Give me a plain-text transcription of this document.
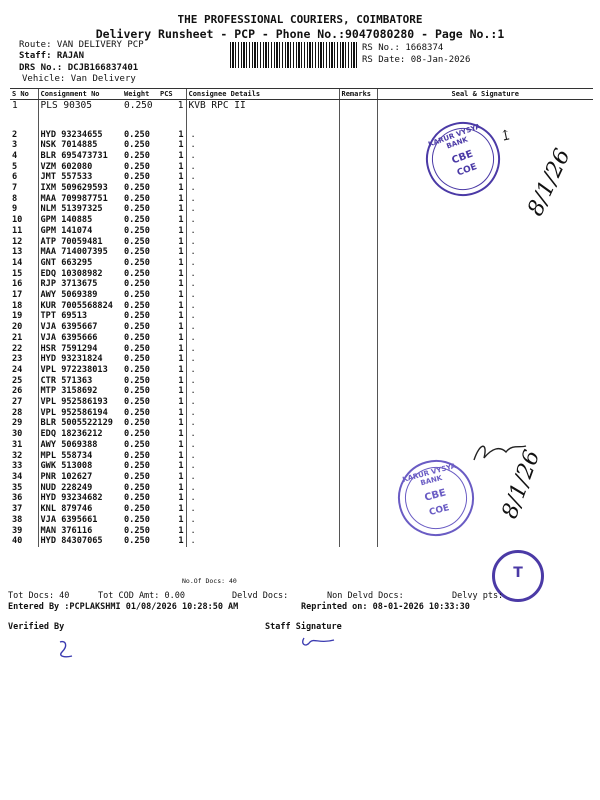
THE PROFESSIONAL COURIERS, COIMBATORE
Delivery Runsheet - PCP - Phone No.:9047080280 - Page No.:1
Route: VAN DELIVERY PCP
Staff: RAJAN
DRS No.: DCJB166837401
Vehicle: Van Delivery
RS No.: 1668374
RS Date: 08-Jan-2026
S No	Consignment No	Weight	PCS	Consignee Details	Remarks	Seal & Signature
1	PLS 90305	0.250	1	KVB RPC II		
2	HYD 93234655	0.250	1	.		
3	NSK 7014885	0.250	1	.		
4	BLR 695473731	0.250	1	.		
5	VZM 602080	0.250	1	.		
6	JMT 557533	0.250	1	.		
7	IXM 509629593	0.250	1	.		
8	MAA 709987751	0.250	1	.		
9	NLM 51397325	0.250	1	.		
10	GPM 140885	0.250	1	.		
11	GPM 141074	0.250	1	.		
12	ATP 70059481	0.250	1	.		
13	MAA 714007395	0.250	1	.		
14	GNT 663295	0.250	1	.		
15	EDQ 10308982	0.250	1	.		
16	RJP 3713675	0.250	1	.		
17	AWY 5069389	0.250	1	.		
18	KUR 7005568824	0.250	1	.		
19	TPT 69513	0.250	1	.		
20	VJA 6395667	0.250	1	.		
21	VJA 6395666	0.250	1	.		
22	HSR 7591294	0.250	1	.		
23	HYD 93231824	0.250	1	.		
24	VPL 972238013	0.250	1	.		
25	CTR 571363	0.250	1	.		
26	MTP 3158692	0.250	1	.		
27	VPL 952586193	0.250	1	.		
28	VPL 952586194	0.250	1	.		
29	BLR 5005522129	0.250	1	.		
30	EDQ 18236212	0.250	1	.		
31	AWY 5069388	0.250	1	.		
32	MPL 558734	0.250	1	.		
33	GWK 513008	0.250	1	.		
34	PNR 102627	0.250	1	.		
35	NUD 228249	0.250	1	.		
36	HYD 93234682	0.250	1	.		
37	KNL 879746	0.250	1	.		
38	VJA 6395661	0.250	1	.		
39	MAN 376116	0.250	1	.		
40	HYD 84307065	0.250	1	.		
No.Of Docs: 40
KARUR VYSYA BANK
CBE
COE
↥
8/1/26
KARUR VYSYA BANK
CBE
COE	8/1/26
T
Tot Docs: 40	Tot COD Amt: 0.00	Delvd Docs:	Non Delvd Docs:	Delvy pts:
Entered By :PCPLAKSHMI 01/08/2026 10:28:50 AM	Reprinted on: 08-01-2026 10:33:30
Verified By	Staff Signature
